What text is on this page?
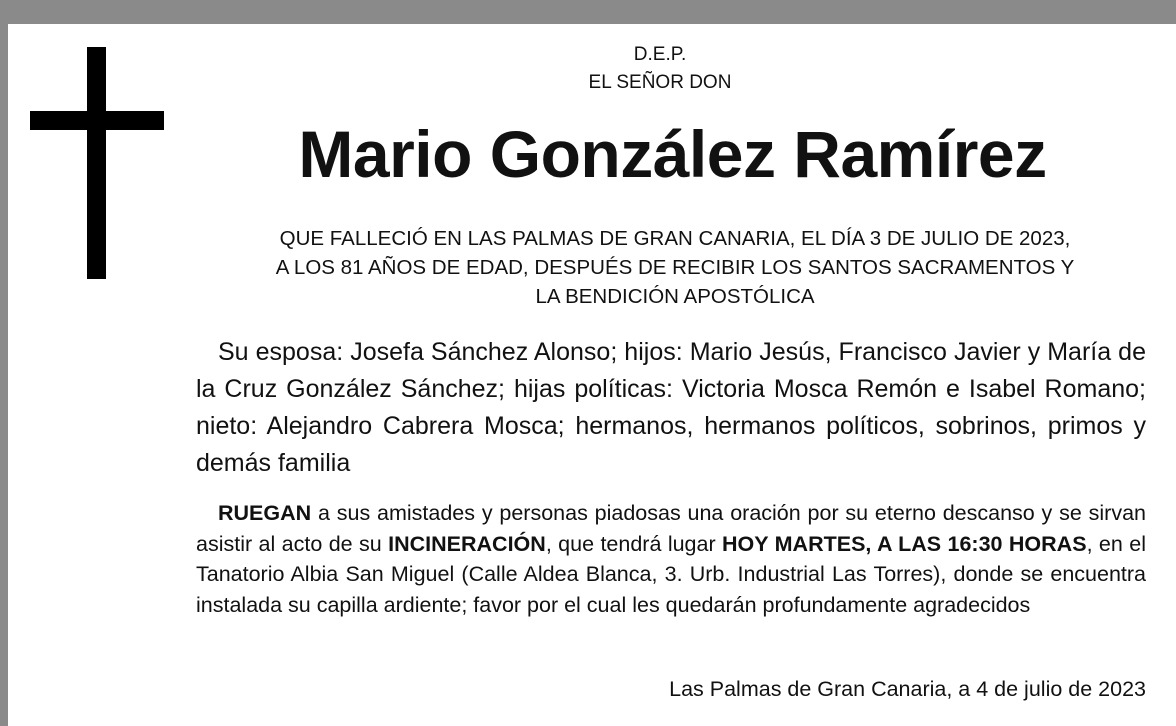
D.E.P.
EL SEÑOR DON
Mario González Ramírez
QUE FALLECIÓ EN LAS PALMAS DE GRAN CANARIA, EL DÍA 3 DE JULIO DE 2023,
A LOS 81 AÑOS DE EDAD, DESPUÉS DE RECIBIR LOS SANTOS SACRAMENTOS Y
LA BENDICIÓN APOSTÓLICA
Su esposa: Josefa Sánchez Alonso; hijos: Mario Jesús, Francisco Javier y María de la Cruz González Sánchez; hijas políticas: Victoria Mosca Remón e Isabel Romano; nieto: Alejandro Cabrera Mosca; hermanos, hermanos políticos, sobrinos, primos y demás familia
RUEGAN a sus amistades y personas piadosas una oración por su eterno descanso y se sirvan asistir al acto de su INCINERACIÓN, que tendrá lugar HOY MARTES, A LAS 16:30 HORAS, en el Tanatorio Albia San Miguel (Calle Aldea Blanca, 3. Urb. Industrial Las Torres), donde se encuentra instalada su capilla ardiente; favor por el cual les quedarán profundamente agradecidos
Las Palmas de Gran Canaria, a 4 de julio de 2023
